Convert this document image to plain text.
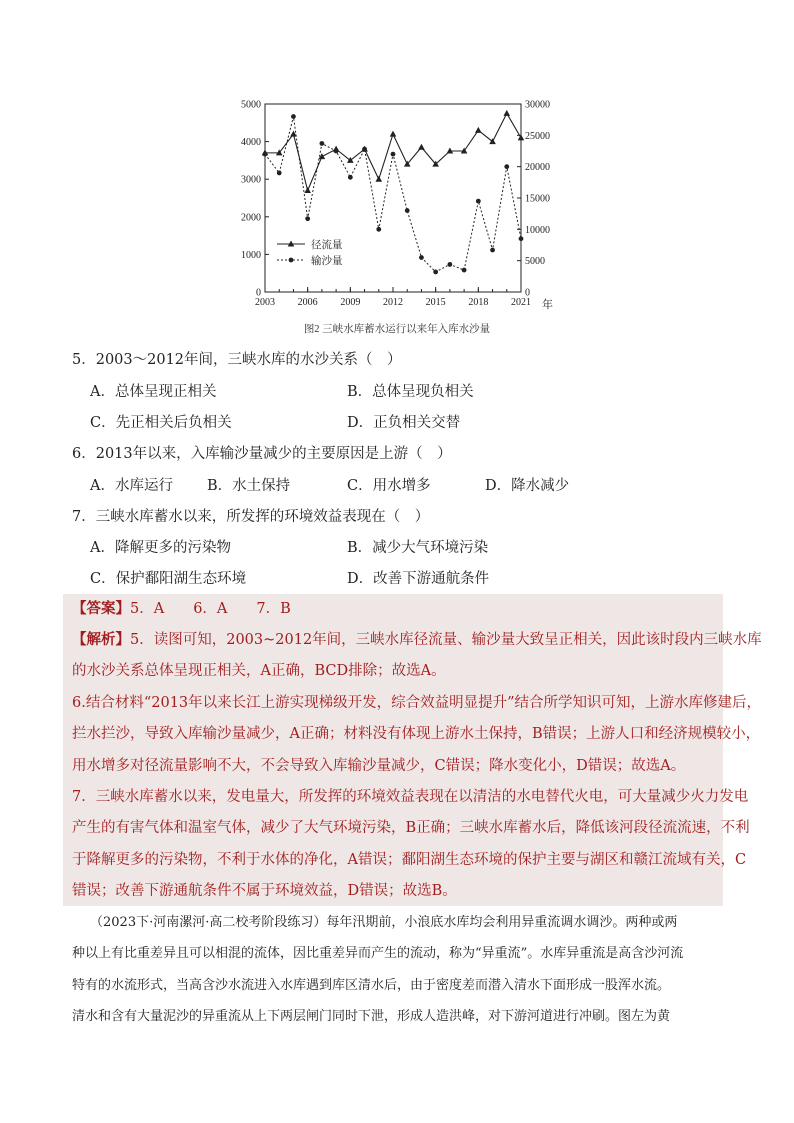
0
1000
2000
3000
4000
5000
0
5000
10000
15000
20000
25000
30000
2003 2006 2009 2012 2015 2018 2021
径流量
输沙量
年
图2 三峡水库蓄水运行以来年入库水沙量
5．2003～2012年间，三峡水库的水沙关系（　）
A．总体呈现正相关	B．总体呈现负相关
C．先正相关后负相关	D．正负相关交替
6．2013年以来，入库输沙量减少的主要原因是上游（　）
A．水库运行 B．水土保持	C．用水增多	D．降水减少
7．三峡水库蓄水以来，所发挥的环境效益表现在（　）
A．降解更多的污染物	B．减少大气环境污染
C．保护鄱阳湖生态环境	D．改善下游通航条件
【答案】5．A　　6．A　　7．B
【解析】5．读图可知，2003~2012年间，三峡水库径流量、输沙量大致呈正相关，因此该时段内三峡水库
的水沙关系总体呈现正相关，A正确，BCD排除；故选A。
6.结合材料“2013年以来长江上游实现梯级开发，综合效益明显提升”结合所学知识可知，上游水库修建后，
拦水拦沙，导致入库输沙量减少，A正确；材料没有体现上游水土保持，B错误；上游人口和经济规模较小，
用水增多对径流量影响不大，不会导致入库输沙量减少，C错误；降水变化小，D错误；故选A。
7．三峡水库蓄水以来，发电量大，所发挥的环境效益表现在以清洁的水电替代火电，可大量减少火力发电
产生的有害气体和温室气体，减少了大气环境污染，B正确；三峡水库蓄水后，降低该河段径流流速，不利
于降解更多的污染物，不利于水体的净化，A错误；鄱阳湖生态环境的保护主要与湖区和赣江流域有关，C
错误；改善下游通航条件不属于环境效益，D错误；故选B。
（2023下·河南漯河·高二校考阶段练习）每年汛期前，小浪底水库均会利用异重流调水调沙。两种或两
种以上有比重差异且可以相混的流体，因比重差异而产生的流动，称为“异重流”。水库异重流是高含沙河流
特有的水流形式，当高含沙水流进入水库遇到库区清水后，由于密度差而潜入清水下面形成一股浑水流。
清水和含有大量泥沙的异重流从上下两层闸门同时下泄，形成人造洪峰，对下游河道进行冲刷。图左为黄
